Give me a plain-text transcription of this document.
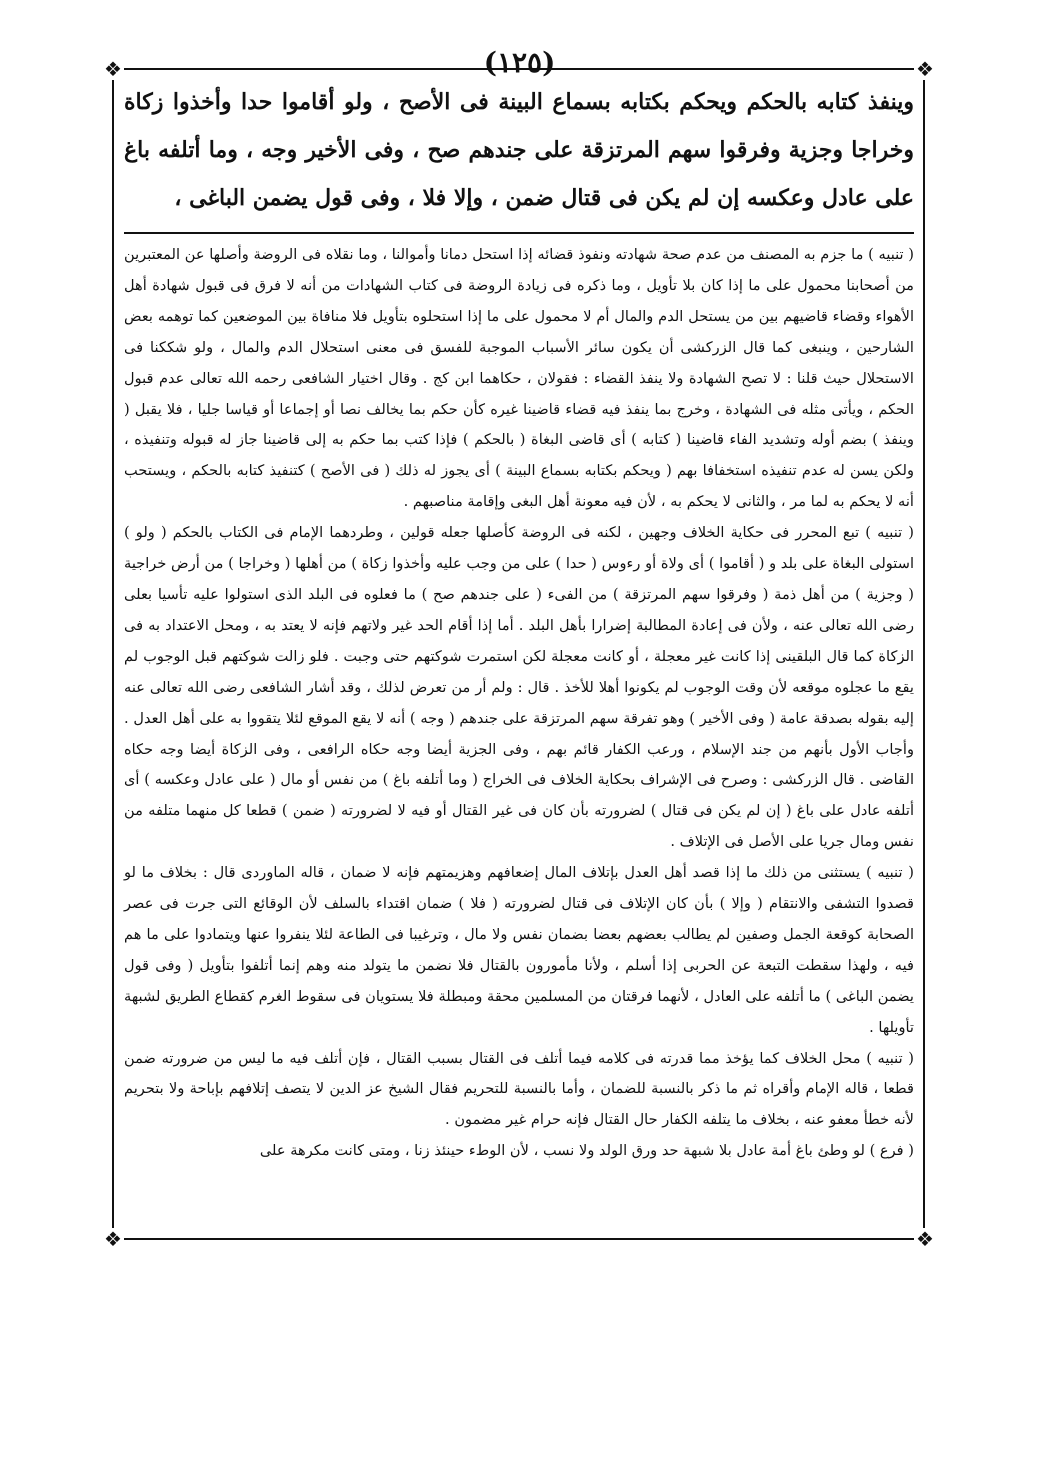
(١٢٥)
❖	❖
❖	❖
وينفذ كتابه بالحكم ويحكم بكتابه بسماع البينة فى الأصح ، ولو أقاموا حدا وأخذوا زكاة وخراجا وجزية وفرقوا سهم المرتزقة على جندهم صح ، وفى الأخير وجه ، وما أتلفه باغ على عادل وعكسه إن لم يكن فى قتال ضمن ، وإلا فلا ، وفى قول يضمن الباغى ،

( تنبيه ) ما جزم به المصنف من عدم صحة شهادته ونفوذ قضائه إذا استحل دمانا وأموالنا ، وما نقلاه فى الروضة وأصلها عن المعتبرين من أصحابنا محمول على ما إذا كان بلا تأويل ، وما ذكره فى زيادة الروضة فى كتاب الشهادات من أنه لا فرق فى قبول شهادة أهل الأهواء وقضاء قاضيهم بين من يستحل الدم والمال أم لا محمول على ما إذا استحلوه بتأويل فلا منافاة بين الموضعين كما توهمه بعض الشارحين ، وينبغى كما قال الزركشى أن يكون سائر الأسباب الموجبة للفسق فى معنى استحلال الدم والمال ، ولو شككنا فى الاستحلال حيث قلنا : لا تصح الشهادة ولا ينفذ القضاء : فقولان ، حكاهما ابن كج . وقال اختيار الشافعى رحمه الله تعالى عدم قبول الحكم ، ويأتى مثله فى الشهادة ، وخرج بما ينفذ فيه قضاء قاضينا غيره كأن حكم بما يخالف نصا أو إجماعا أو قياسا جليا ، فلا يقبل ( وينفذ ) بضم أوله وتشديد الفاء قاضينا ( كتابه ) أى قاضى البغاة ( بالحكم ) فإذا كتب بما حكم به إلى قاضينا جاز له قبوله وتنفيذه ، ولكن يسن له عدم تنفيذه استخفافا بهم ( ويحكم بكتابه بسماع البينة ) أى يجوز له ذلك ( فى الأصح ) كتنفيذ كتابه بالحكم ، ويستحب أنه لا يحكم به لما مر ، والثانى لا يحكم به ، لأن فيه معونة أهل البغى وإقامة مناصبهم .

( تنبيه ) تبع المحرر فى حكاية الخلاف وجهين ، لكنه فى الروضة كأصلها جعله قولين ، وطردهما الإمام فى الكتاب بالحكم ( ولو ) استولى البغاة على بلد و ( أقاموا ) أى ولاة أو رءوس ( حدا ) على من وجب عليه وأخذوا زكاة ) من أهلها ( وخراجا ) من أرض خراجية ( وجزية ) من أهل ذمة ( وفرقوا سهم المرتزقة ) من الفىء ( على جندهم صح ) ما فعلوه فى البلد الذى استولوا عليه تأسيا بعلى رضى الله تعالى عنه ، ولأن فى إعادة المطالبة إضرارا بأهل البلد . أما إذا أقام الحد غير ولاتهم فإنه لا يعتد به ، ومحل الاعتداد به فى الزكاة كما قال البلقينى إذا كانت غير معجلة ، أو كانت معجلة لكن استمرت شوكتهم حتى وجبت . فلو زالت شوكتهم قبل الوجوب لم يقع ما عجلوه موقعه لأن وقت الوجوب لم يكونوا أهلا للأخذ . قال : ولم أر من تعرض لذلك ، وقد أشار الشافعى رضى الله تعالى عنه إليه بقوله بصدقة عامة ( وفى الأخير ) وهو تفرقة سهم المرتزقة على جندهم ( وجه ) أنه لا يقع الموقع لئلا يتقووا به على أهل العدل . وأجاب الأول بأنهم من جند الإسلام ، ورعب الكفار قائم بهم ، وفى الجزية أيضا وجه حكاه الرافعى ، وفى الزكاة أيضا وجه حكاه القاضى . قال الزركشى : وصرح فى الإشراف بحكاية الخلاف فى الخراج ( وما أتلفه باغ ) من نفس أو مال ( على عادل وعكسه ) أى أتلفه عادل على باغ ( إن لم يكن فى قتال ) لضرورته بأن كان فى غير القتال أو فيه لا لضرورته ( ضمن ) قطعا كل منهما متلفه من نفس ومال جريا على الأصل فى الإتلاف .

( تنبيه ) يستثنى من ذلك ما إذا قصد أهل العدل بإتلاف المال إضعافهم وهزيمتهم فإنه لا ضمان ، قاله الماوردى قال : بخلاف ما لو قصدوا التشفى والانتقام ( وإلا ) بأن كان الإتلاف فى قتال لضرورته ( فلا ) ضمان اقتداء بالسلف لأن الوقائع التى جرت فى عصر الصحابة كوقعة الجمل وصفين لم يطالب بعضهم بعضا بضمان نفس ولا مال ، وترغيبا فى الطاعة لئلا ينفروا عنها ويتمادوا على ما هم فيه ، ولهذا سقطت التبعة عن الحربى إذا أسلم ، ولأنا مأمورون بالقتال فلا نضمن ما يتولد منه وهم إنما أتلفوا بتأويل ( وفى قول يضمن الباغى ) ما أتلفه على العادل ، لأنهما فرقتان من المسلمين محقة ومبطلة فلا يستويان فى سقوط الغرم كقطاع الطريق لشبهة تأويلها .

( تنبيه ) محل الخلاف كما يؤخذ مما قدرته فى كلامه فيما أتلف فى القتال بسبب القتال ، فإن أتلف فيه ما ليس من ضرورته ضمن قطعا ، قاله الإمام وأقراه ثم ما ذكر بالنسبة للضمان ، وأما بالنسبة للتحريم فقال الشيخ عز الدين لا يتصف إتلافهم بإباحة ولا بتحريم لأنه خطأ معفو عنه ، بخلاف ما يتلفه الكفار حال القتال فإنه حرام غير مضمون .

( فرع ) لو وطئ باغ أمة عادل بلا شبهة حد ورق الولد ولا نسب ، لأن الوطء حينئذ زنا ، ومتى كانت مكرهة على
